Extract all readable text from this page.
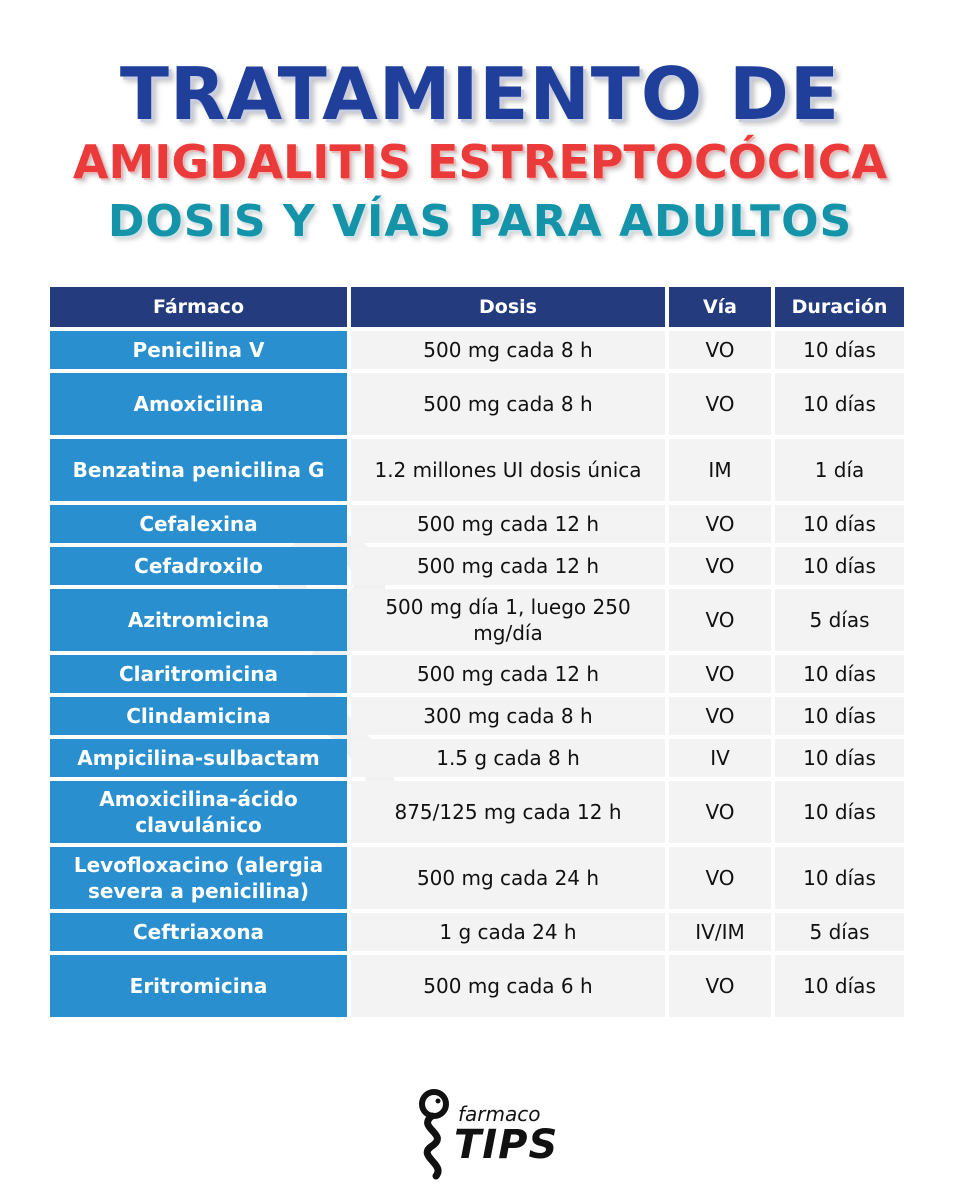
TRATAMIENTO DE
AMIGDALITIS ESTREPTOCÓCICA
DOSIS Y VÍAS PARA ADULTOS
Fármaco	Dosis	Vía	Duración
Penicilina V	500 mg cada 8 h	VO	10 días
Amoxicilina	500 mg cada 8 h	VO	10 días
Benzatina penicilina G	1.2 millones UI dosis única	IM	1 día
Cefalexina	500 mg cada 12 h	VO	10 días
Cefadroxilo	500 mg cada 12 h	VO	10 días
Azitromicina	500 mg día 1, luego 250 mg/día	VO	5 días
Claritromicina	500 mg cada 12 h	VO	10 días
Clindamicina	300 mg cada 8 h	VO	10 días
Ampicilina-sulbactam	1.5 g cada 8 h	IV	10 días
Amoxicilina-ácido clavulánico	875/125 mg cada 12 h	VO	10 días
Levofloxacino (alergia severa a penicilina)	500 mg cada 24 h	VO	10 días
Ceftriaxona	1 g cada 24 h	IV/IM	5 días
Eritromicina	500 mg cada 6 h	VO	10 días
farmaco
TIPS
